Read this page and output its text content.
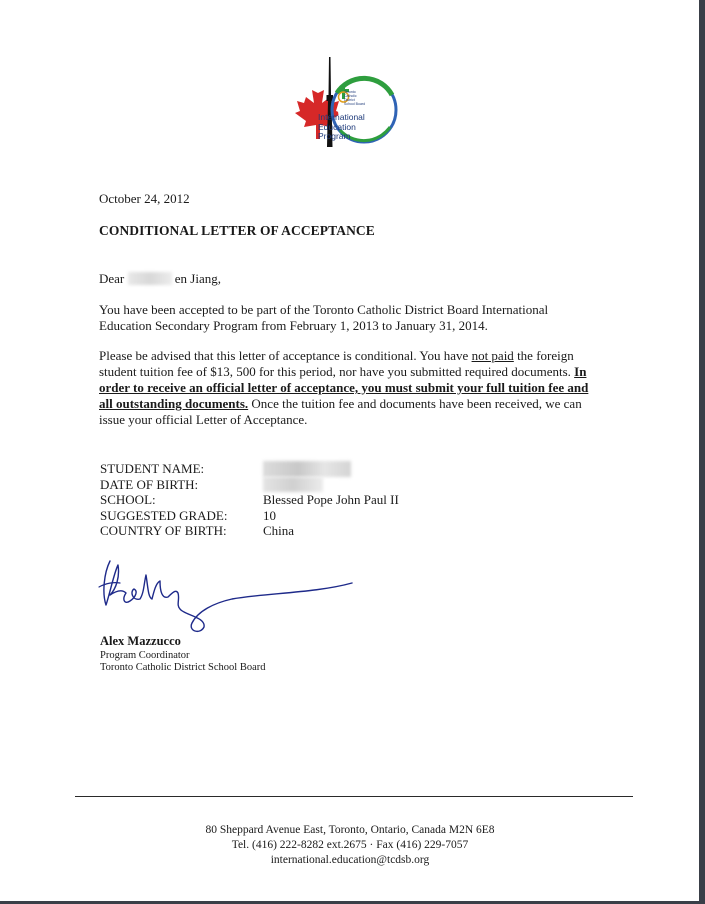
Toronto
Catholic
District
School Board
International
Education
Program
October 24, 2012
CONDITIONAL LETTER OF ACCEPTANCE
Dear	en Jiang,
You have been accepted to be part of the Toronto Catholic District Board International Education Secondary Program from February 1, 2013 to January 31, 2014.
Please be advised that this letter of acceptance is conditional. You have not paid the foreign student tuition fee of $13, 500 for this period, nor have you submitted required documents. In order to receive an official letter of acceptance, you must submit your full tuition fee and all outstanding documents. Once the tuition fee and documents have been received, we can issue your official Letter of Acceptance.
STUDENT NAME:
DATE OF BIRTH:
SCHOOL:
SUGGESTED GRADE:
COUNTRY OF BIRTH:
Blessed Pope John Paul II
10
China
Alex Mazzucco
Program Coordinator
Toronto Catholic District School Board
80 Sheppard Avenue East, Toronto, Ontario, Canada M2N 6E8
Tel. (416) 222-8282 ext.2675 · Fax (416) 229-7057
international.education@tcdsb.org
